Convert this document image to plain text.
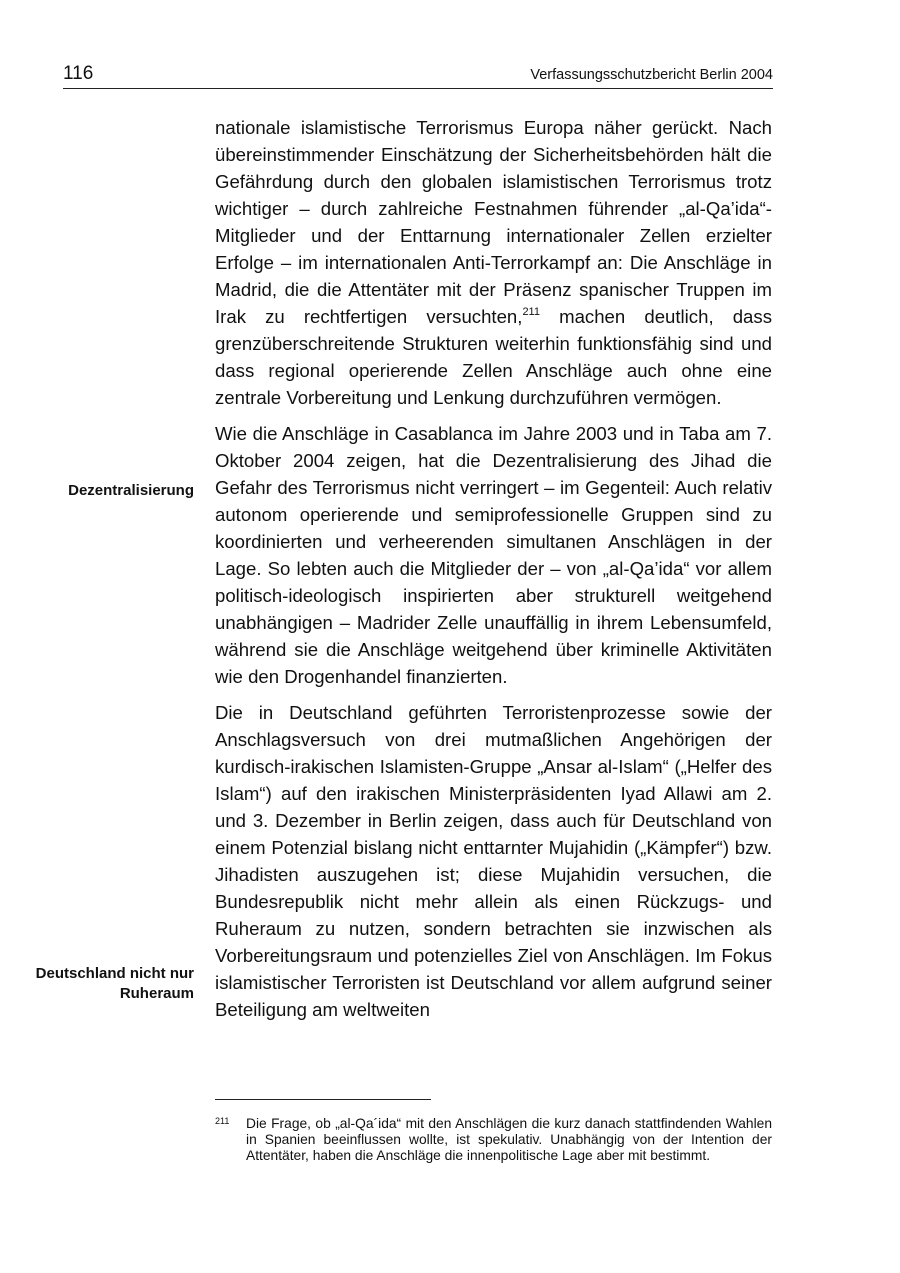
116	Verfassungsschutzbericht Berlin 2004
Dezentralisierung
Deutschland nicht nur Ruheraum

nationale islamistische Terrorismus Europa näher gerückt. Nach übereinstimmender Einschätzung der Sicherheitsbehörden hält die Gefährdung durch den globalen islamistischen Terrorismus trotz wichtiger – durch zahlreiche Festnahmen führender „al-Qa’ida“-Mitglieder und der Enttarnung internationaler Zellen erzielter Erfolge – im internationalen Anti-Terrorkampf an: Die Anschläge in Madrid, die die Attentäter mit der Präsenz spanischer Truppen im Irak zu rechtfertigen versuchten,$^{211}$ machen deutlich, dass grenzüberschreitende Strukturen weiterhin funktionsfähig sind und dass regional operierende Zellen Anschläge auch ohne eine zentrale Vorbereitung und Lenkung durchzuführen vermögen.

Wie die Anschläge in Casablanca im Jahre 2003 und in Taba am 7. Oktober 2004 zeigen, hat die Dezentralisierung des Jihad die Gefahr des Terrorismus nicht verringert – im Gegenteil: Auch relativ autonom operierende und semiprofessionelle Gruppen sind zu koordinierten und verheerenden simultanen Anschlägen in der Lage. So lebten auch die Mitglieder der – von „al-Qa’ida“ vor allem politisch-ideologisch inspirierten aber strukturell weitgehend unabhängigen – Madrider Zelle unauffällig in ihrem Lebensumfeld, während sie die Anschläge weitgehend über kriminelle Aktivitäten wie den Drogenhandel finanzierten.

Die in Deutschland geführten Terroristenprozesse sowie der Anschlagsversuch von drei mutmaßlichen Angehörigen der kurdisch-irakischen Islamisten-Gruppe „Ansar al-Islam“ („Helfer des Islam“) auf den irakischen Ministerpräsidenten Iyad Allawi am 2. und 3. Dezember in Berlin zeigen, dass auch für Deutschland von einem Potenzial bislang nicht enttarnter Mujahidin („Kämpfer“) bzw. Jihadisten auszugehen ist; diese Mujahidin versuchen, die Bundesrepublik nicht mehr allein als einen Rückzugs- und Ruheraum zu nutzen, sondern betrachten sie inzwischen als Vorbereitungsraum und potenzielles Ziel von Anschlägen. Im Fokus islamistischer Terroristen ist Deutschland vor allem aufgrund seiner Beteiligung am weltweiten

211 Die Frage, ob „al-Qa´ida“ mit den Anschlägen die kurz danach stattfindenden Wahlen in Spanien beeinflussen wollte, ist spekulativ. Unabhängig von der Intention der Attentäter, haben die Anschläge die innenpolitische Lage aber mit bestimmt.
